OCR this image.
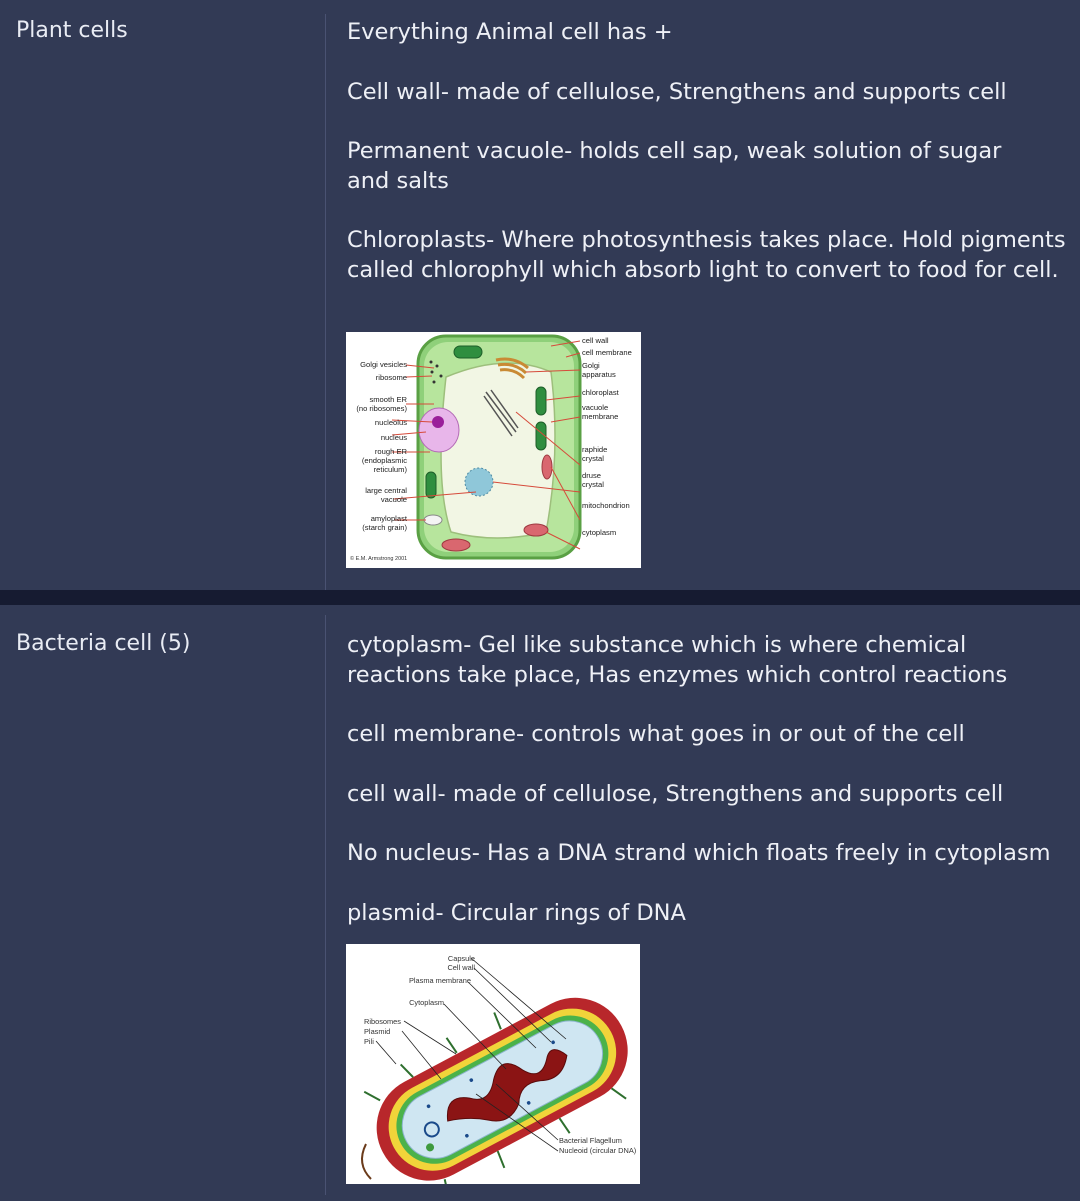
Plant cells	Everything Animal cell has +

Cell wall- made of cellulose, Strengthens and supports cell

Permanent vacuole- holds cell sap, weak solution of sugar and salts

Chloroplasts- Where photosynthesis takes place. Hold pigments called chlorophyll which absorb light to convert to food for cell.

Golgi vesicles
ribosome
smooth ER
(no ribosomes)
nucleolus
nucleus
rough ER
(endoplasmic
reticulum)
large central
vacuole
amyloplast
(starch grain)
cell wall
cell membrane
Golgi
apparatus
chloroplast
vacuole
membrane
raphide
crystal
druse
crystal
mitochondrion
cytoplasm
© E.M. Armstrong 2001
Bacteria cell (5)	cytoplasm- Gel like substance which is where chemical reactions take place, Has enzymes which control reactions

cell membrane- controls what goes in or out of the cell

cell wall- made of cellulose, Strengthens and supports cell

No nucleus- Has a DNA strand which floats freely in cytoplasm

plasmid- Circular rings of DNA

Capsule
Cell wall
Plasma membrane
Cytoplasm
Ribosomes
Plasmid
Pili
Bacterial Flagellum
Nucleoid (circular DNA)
